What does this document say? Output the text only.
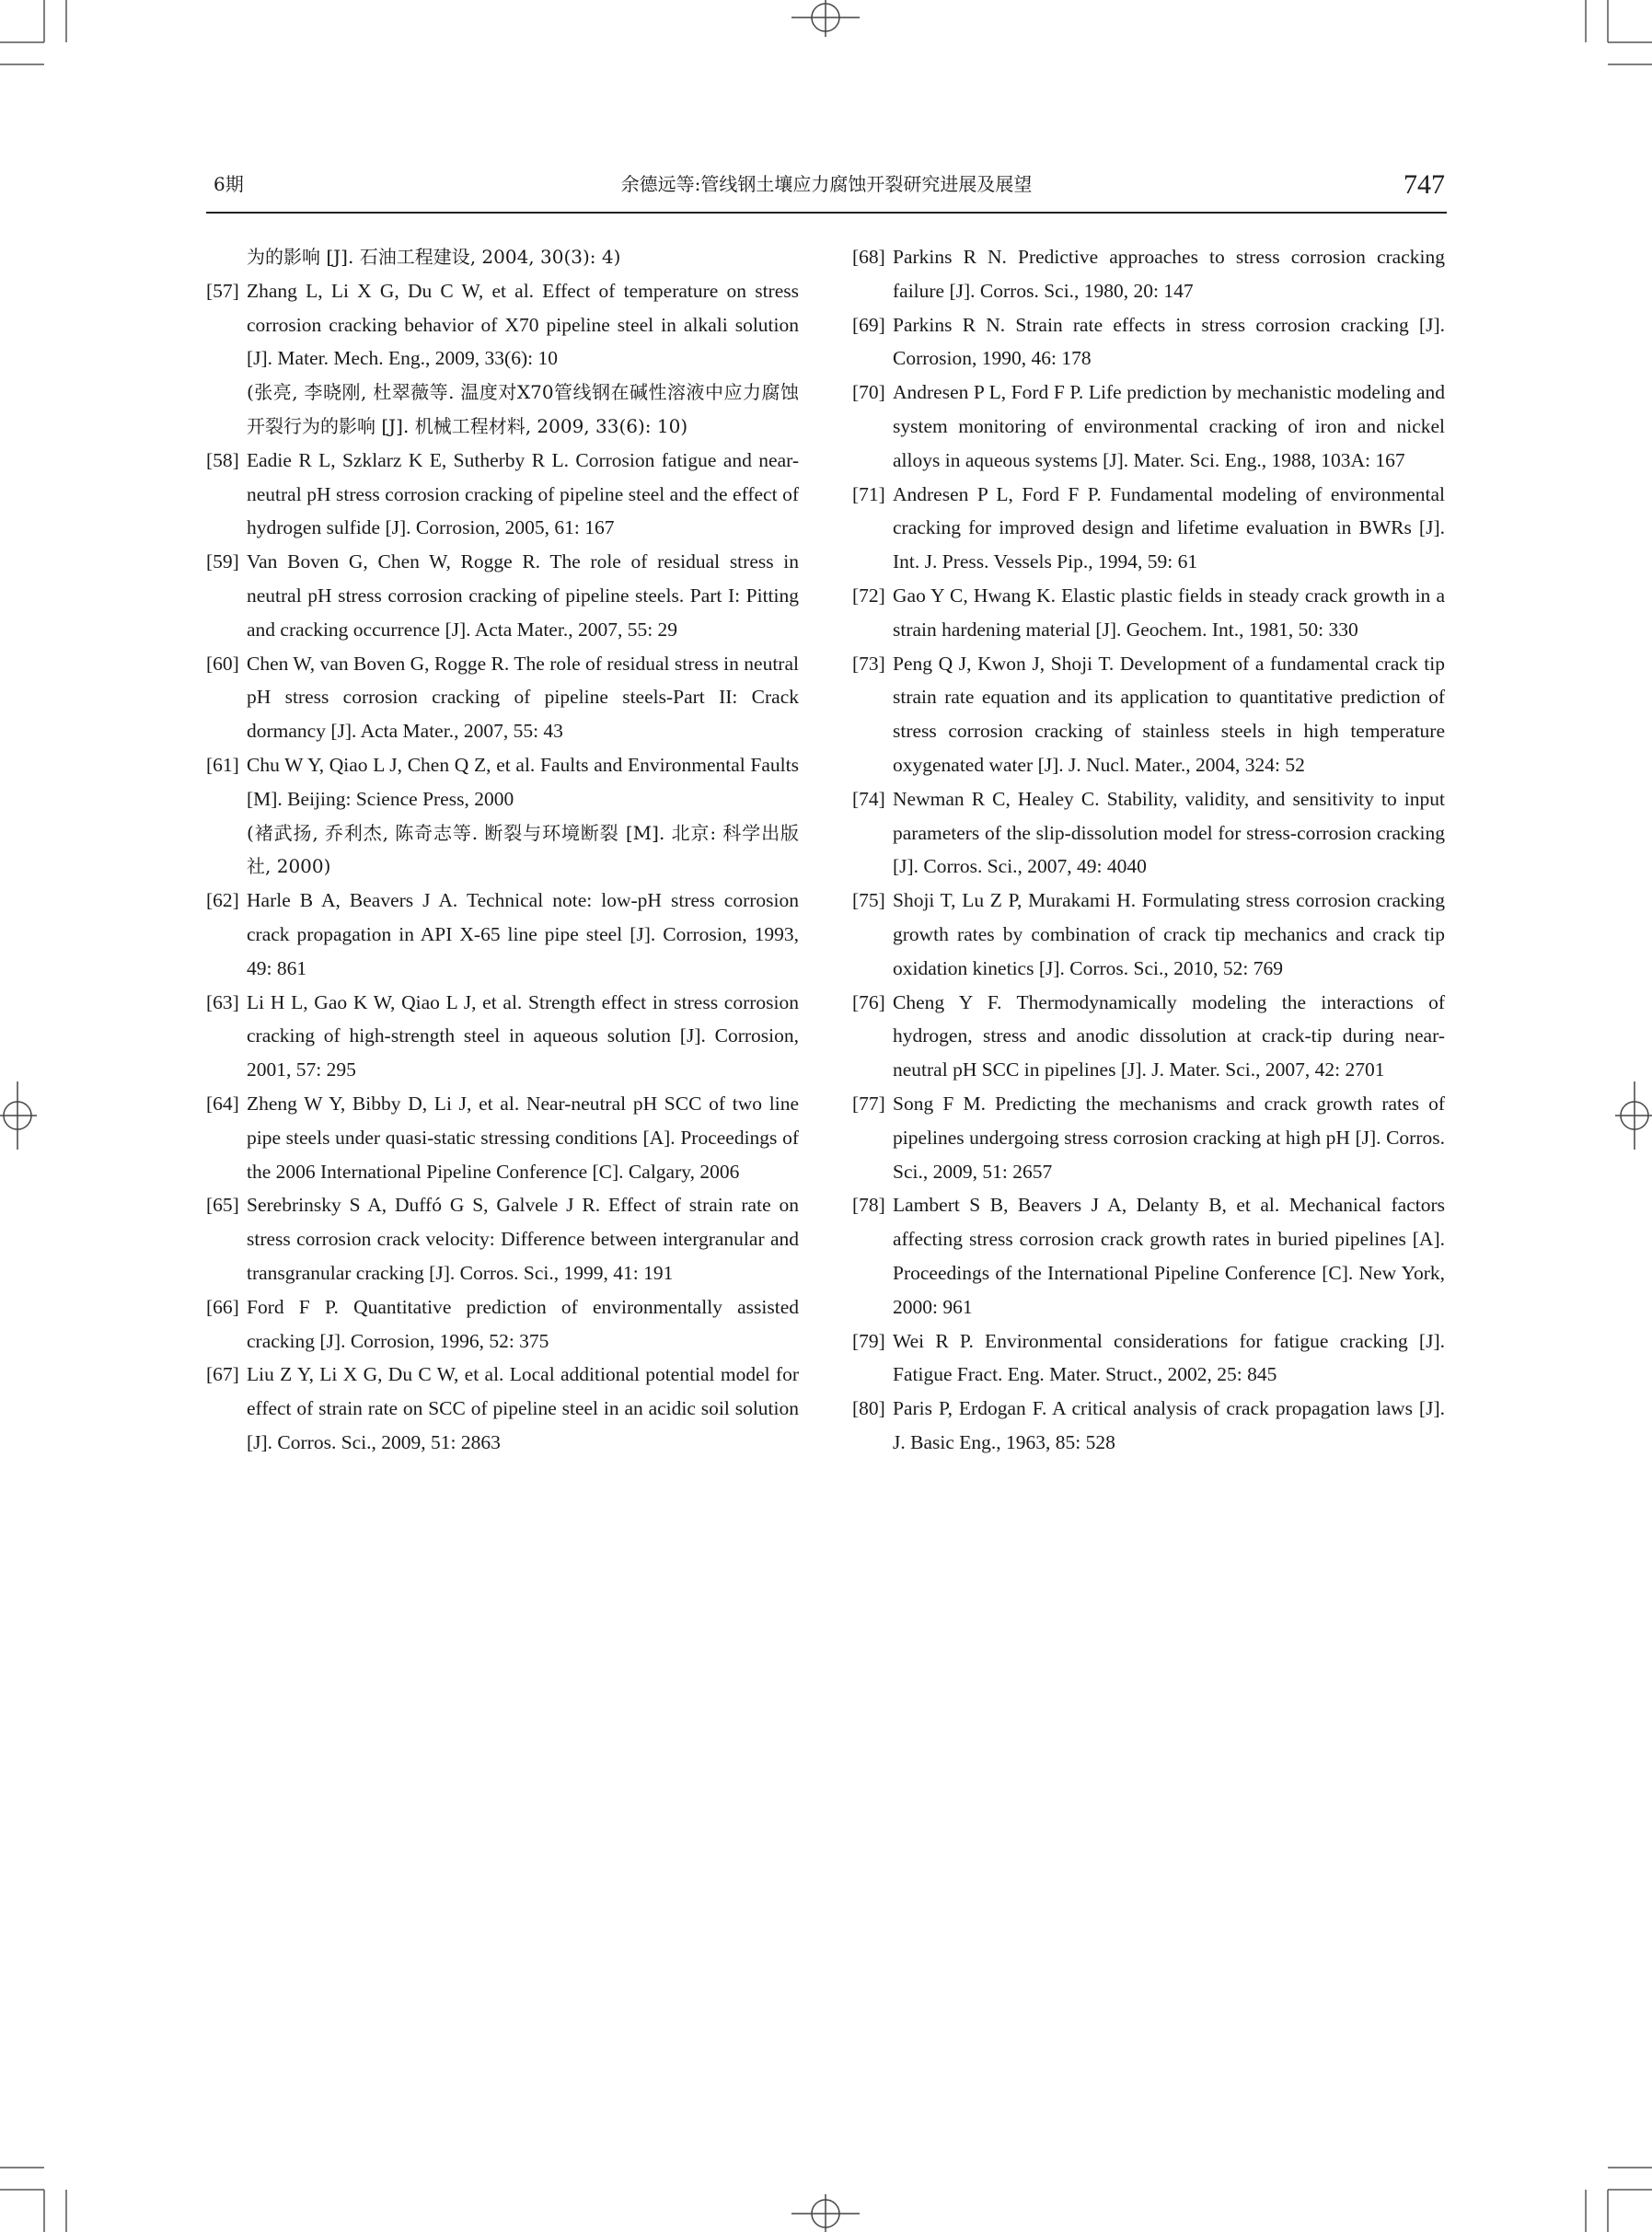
6期	余德远等:管线钢土壤应力腐蚀开裂研究进展及展望	747
为的影响 [J]. 石油工程建设, 2004, 30(3): 4)
[57] Zhang L, Li X G, Du C W, et al. Effect of temperature on stress corrosion cracking behavior of X70 pipeline steel in alkali solution [J]. Mater. Mech. Eng., 2009, 33(6): 10
(张亮, 李晓刚, 杜翠薇等. 温度对X70管线钢在碱性溶液中应力腐蚀开裂行为的影响 [J]. 机械工程材料, 2009, 33(6): 10)
[58] Eadie R L, Szklarz K E, Sutherby R L. Corrosion fatigue and near-neutral pH stress corrosion cracking of pipeline steel and the effect of hydrogen sulfide [J]. Corrosion, 2005, 61: 167
[59] Van Boven G, Chen W, Rogge R. The role of residual stress in neutral pH stress corrosion cracking of pipeline steels. Part I: Pitting and cracking occurrence [J]. Acta Mater., 2007, 55: 29
[60] Chen W, van Boven G, Rogge R. The role of residual stress in neutral pH stress corrosion cracking of pipeline steels-Part II: Crack dormancy [J]. Acta Mater., 2007, 55: 43
[61] Chu W Y, Qiao L J, Chen Q Z, et al. Faults and Environmental Faults [M]. Beijing: Science Press, 2000
(褚武扬, 乔利杰, 陈奇志等. 断裂与环境断裂 [M]. 北京: 科学出版社, 2000)
[62] Harle B A, Beavers J A. Technical note: low-pH stress corrosion crack propagation in API X-65 line pipe steel [J]. Corrosion, 1993, 49: 861
[63] Li H L, Gao K W, Qiao L J, et al. Strength effect in stress corrosion cracking of high-strength steel in aqueous solution [J]. Corrosion, 2001, 57: 295
[64] Zheng W Y, Bibby D, Li J, et al. Near-neutral pH SCC of two line pipe steels under quasi-static stressing conditions [A]. Proceedings of the 2006 International Pipeline Conference [C]. Calgary, 2006
[65] Serebrinsky S A, Duffó G S, Galvele J R. Effect of strain rate on stress corrosion crack velocity: Difference between intergranular and transgranular cracking [J]. Corros. Sci., 1999, 41: 191
[66] Ford F P. Quantitative prediction of environmentally assisted cracking [J]. Corrosion, 1996, 52: 375
[67] Liu Z Y, Li X G, Du C W, et al. Local additional potential model for effect of strain rate on SCC of pipeline steel in an acidic soil solution [J]. Corros. Sci., 2009, 51: 2863
[68] Parkins R N. Predictive approaches to stress corrosion cracking failure [J]. Corros. Sci., 1980, 20: 147
[69] Parkins R N. Strain rate effects in stress corrosion cracking [J]. Corrosion, 1990, 46: 178
[70] Andresen P L, Ford F P. Life prediction by mechanistic modeling and system monitoring of environmental cracking of iron and nickel alloys in aqueous systems [J]. Mater. Sci. Eng., 1988, 103A: 167
[71] Andresen P L, Ford F P. Fundamental modeling of environmental cracking for improved design and lifetime evaluation in BWRs [J]. Int. J. Press. Vessels Pip., 1994, 59: 61
[72] Gao Y C, Hwang K. Elastic plastic fields in steady crack growth in a strain hardening material [J]. Geochem. Int., 1981, 50: 330
[73] Peng Q J, Kwon J, Shoji T. Development of a fundamental crack tip strain rate equation and its application to quantitative prediction of stress corrosion cracking of stainless steels in high temperature oxygenated water [J]. J. Nucl. Mater., 2004, 324: 52
[74] Newman R C, Healey C. Stability, validity, and sensitivity to input parameters of the slip-dissolution model for stress-corrosion cracking [J]. Corros. Sci., 2007, 49: 4040
[75] Shoji T, Lu Z P, Murakami H. Formulating stress corrosion cracking growth rates by combination of crack tip mechanics and crack tip oxidation kinetics [J]. Corros. Sci., 2010, 52: 769
[76] Cheng Y F. Thermodynamically modeling the interactions of hydrogen, stress and anodic dissolution at crack-tip during near-neutral pH SCC in pipelines [J]. J. Mater. Sci., 2007, 42: 2701
[77] Song F M. Predicting the mechanisms and crack growth rates of pipelines undergoing stress corrosion cracking at high pH [J]. Corros. Sci., 2009, 51: 2657
[78] Lambert S B, Beavers J A, Delanty B, et al. Mechanical factors affecting stress corrosion crack growth rates in buried pipelines [A]. Proceedings of the International Pipeline Conference [C]. New York, 2000: 961
[79] Wei R P. Environmental considerations for fatigue cracking [J]. Fatigue Fract. Eng. Mater. Struct., 2002, 25: 845
[80] Paris P, Erdogan F. A critical analysis of crack propagation laws [J]. J. Basic Eng., 1963, 85: 528
